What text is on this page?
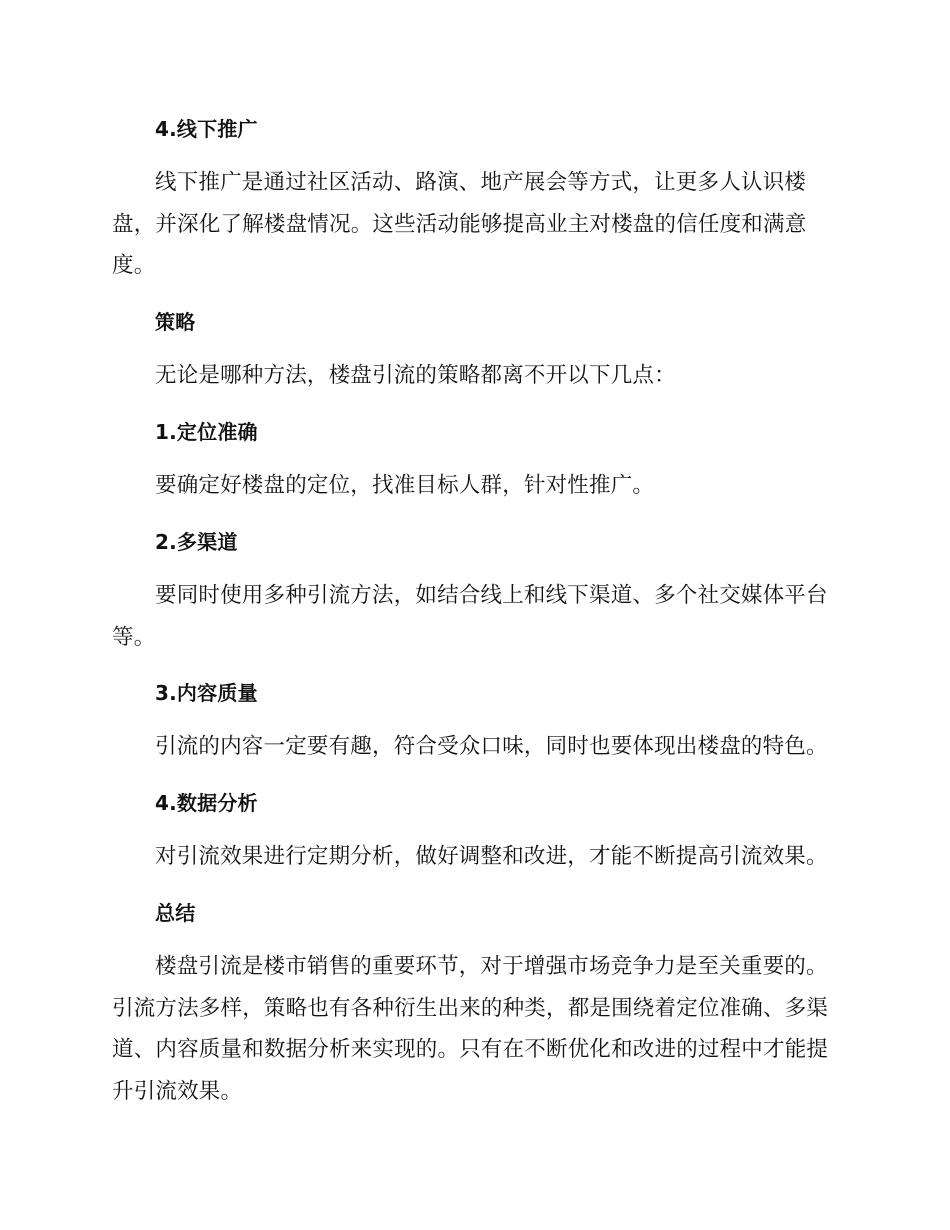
4.线下推广
线下推广是通过社区活动、路演、地产展会等方式，让更多人认识楼盘，并深化了解楼盘情况。这些活动能够提高业主对楼盘的信任度和满意度。
策略
无论是哪种方法，楼盘引流的策略都离不开以下几点：
1.定位准确
要确定好楼盘的定位，找准目标人群，针对性推广。
2.多渠道
要同时使用多种引流方法，如结合线上和线下渠道、多个社交媒体平台等。
3.内容质量
引流的内容一定要有趣，符合受众口味，同时也要体现出楼盘的特色。
4.数据分析
对引流效果进行定期分析，做好调整和改进，才能不断提高引流效果。
总结
楼盘引流是楼市销售的重要环节，对于增强市场竞争力是至关重要的。引流方法多样，策略也有各种衍生出来的种类，都是围绕着定位准确、多渠道、内容质量和数据分析来实现的。只有在不断优化和改进的过程中才能提升引流效果。
